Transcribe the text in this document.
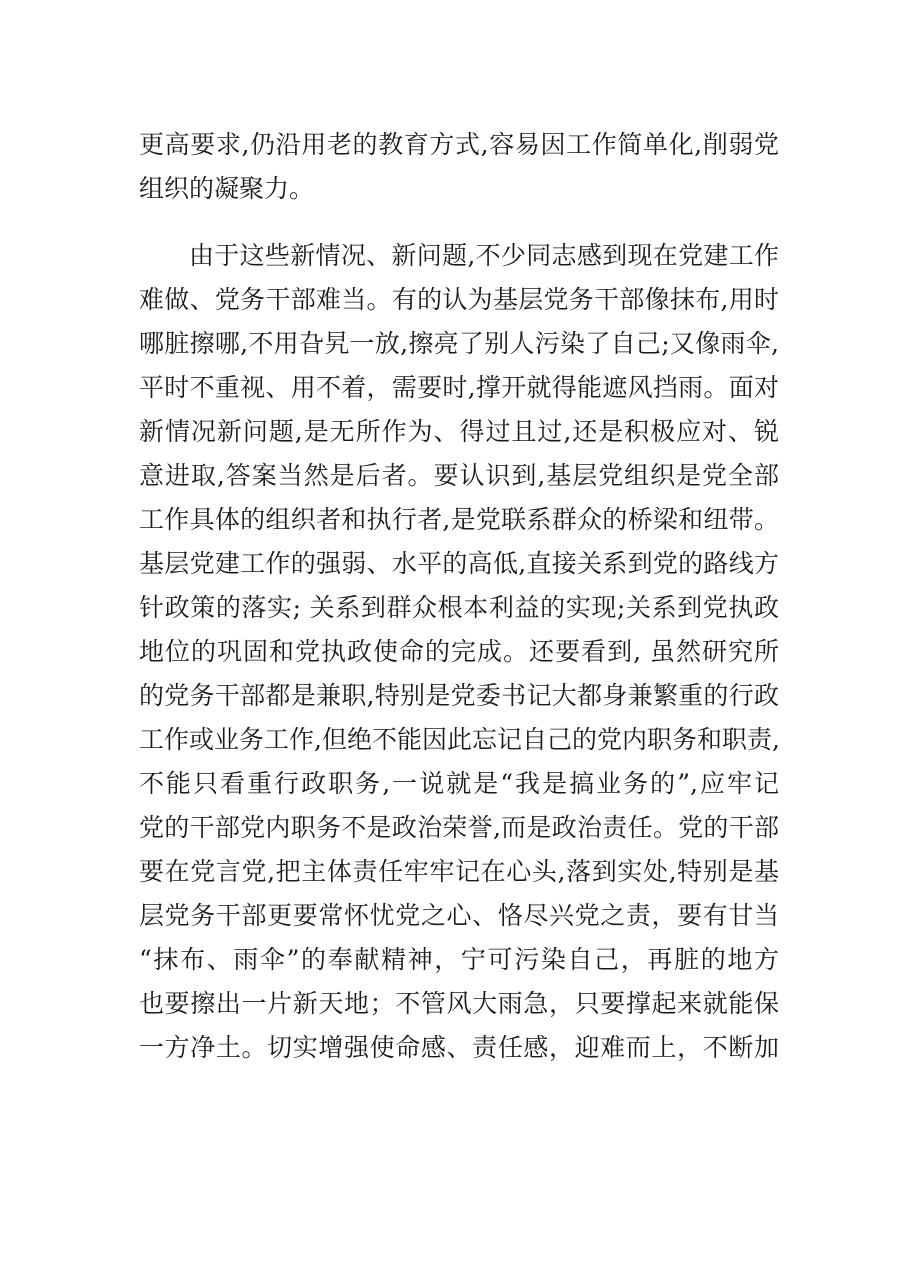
更高要求,仍沿用老的教育方式,容易因工作简单化,削弱党
组织的凝聚力。
由于这些新情况、新问题,不少同志感到现在党建工作
难做、党务干部难当。有的认为基层党务干部像抹布,用时
哪脏擦哪,不用旮旯一放,擦亮了别人污染了自己;又像雨伞,
平时不重视、用不着，需要时,撑开就得能遮风挡雨。面对
新情况新问题,是无所作为、得过且过,还是积极应对、锐
意进取,答案当然是后者。要认识到,基层党组织是党全部
工作具体的组织者和执行者,是党联系群众的桥梁和纽带。
基层党建工作的强弱、水平的高低,直接关系到党的路线方
针政策的落实; 关系到群众根本利益的实现;关系到党执政
地位的巩固和党执政使命的完成。还要看到, 虽然研究所
的党务干部都是兼职,特别是党委书记大都身兼繁重的行政
工作或业务工作,但绝不能因此忘记自己的党内职务和职责,
不能只看重行政职务,一说就是“我是搞业务的”,应牢记
党的干部党内职务不是政治荣誉,而是政治责任。党的干部
要在党言党,把主体责任牢牢记在心头,落到实处,特别是基
层党务干部更要常怀忧党之心、恪尽兴党之责，要有甘当
“抹布、雨伞”的奉献精神，宁可污染自己，再脏的地方
也要擦出一片新天地；不管风大雨急，只要撑起来就能保
一方净土。切实增强使命感、责任感，迎难而上，不断加
